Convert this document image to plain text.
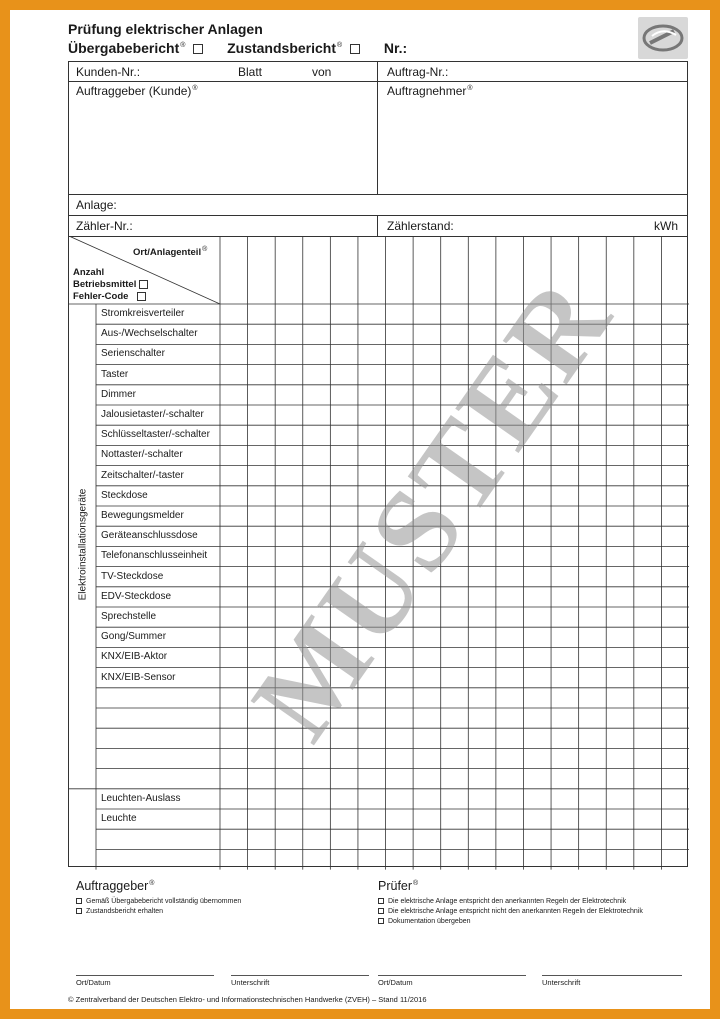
Prüfung elektrischer Anlagen
Übergabebericht®	Zustandsbericht®	Nr.:
Kunden-Nr.:	Blatt	von	Auftrag-Nr.:
Auftraggeber (Kunde)®	Auftragnehmer®
Anlage:
Zähler-Nr.:	Zählerstand:	kWh
Ort/Anlagenteil®
Anzahl
Betriebsmittel
Fehler-Code
Stromkreisverteiler
Aus-/Wechselschalter
Serienschalter
Taster
Dimmer
Jalousietaster/-schalter
Schlüsseltaster/-schalter
Nottaster/-schalter
Zeitschalter/-taster
Steckdose
Bewegungsmelder
Geräteanschlussdose
Telefonanschlusseinheit
TV-Steckdose
EDV-Steckdose
Sprechstelle
Gong/Summer
KNX/EIB-Aktor
KNX/EIB-Sensor
Leuchten-Auslass
Leuchte
Elektroinstallationsgeräte MUSTER
Auftraggeber®
Gemäß Übergabebericht vollständig übernommen
Zustandsbericht erhalten
Prüfer®
Die elektrische Anlage entspricht den anerkannten Regeln der Elektrotechnik
Die elektrische Anlage entspricht nicht den anerkannten Regeln der Elektrotechnik
Dokumentation übergeben
Ort/Datum	Unterschrift	Ort/Datum	Unterschrift
© Zentralverband der Deutschen Elektro- und Informationstechnischen Handwerke (ZVEH) – Stand 11/2016
